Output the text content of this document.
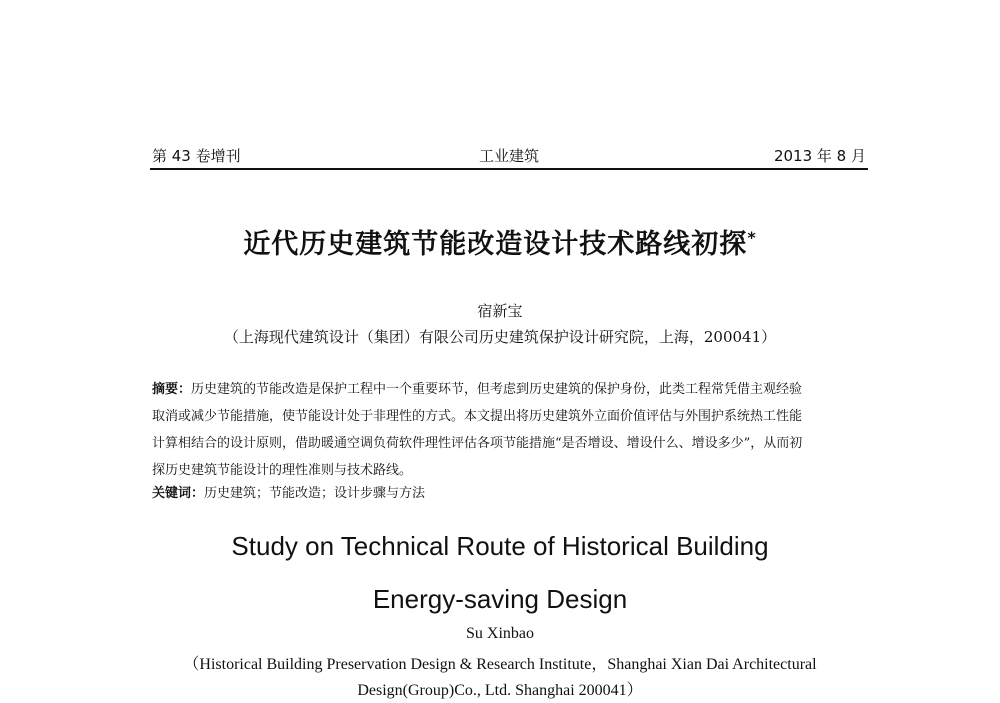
第 43 卷增刊	工业建筑	2013 年 8 月
近代历史建筑节能改造设计技术路线初探*
宿新宝
（上海现代建筑设计（集团）有限公司历史建筑保护设计研究院，上海，200041）
摘要：历史建筑的节能改造是保护工程中一个重要环节，但考虑到历史建筑的保护身份，此类工程常凭借主观经验
取消或减少节能措施，使节能设计处于非理性的方式。本文提出将历史建筑外立面价值评估与外围护系统热工性能
计算相结合的设计原则，借助暖通空调负荷软件理性评估各项节能措施“是否增设、增设什么、增设多少”，从而初
探历史建筑节能设计的理性准则与技术路线。
关键词：历史建筑；节能改造；设计步骤与方法
Study on Technical Route of Historical Building
Energy-saving Design
Su Xinbao
（Historical Building Preservation Design & Research Institute，Shanghai Xian Dai Architectural
Design(Group)Co., Ltd. Shanghai 200041）
